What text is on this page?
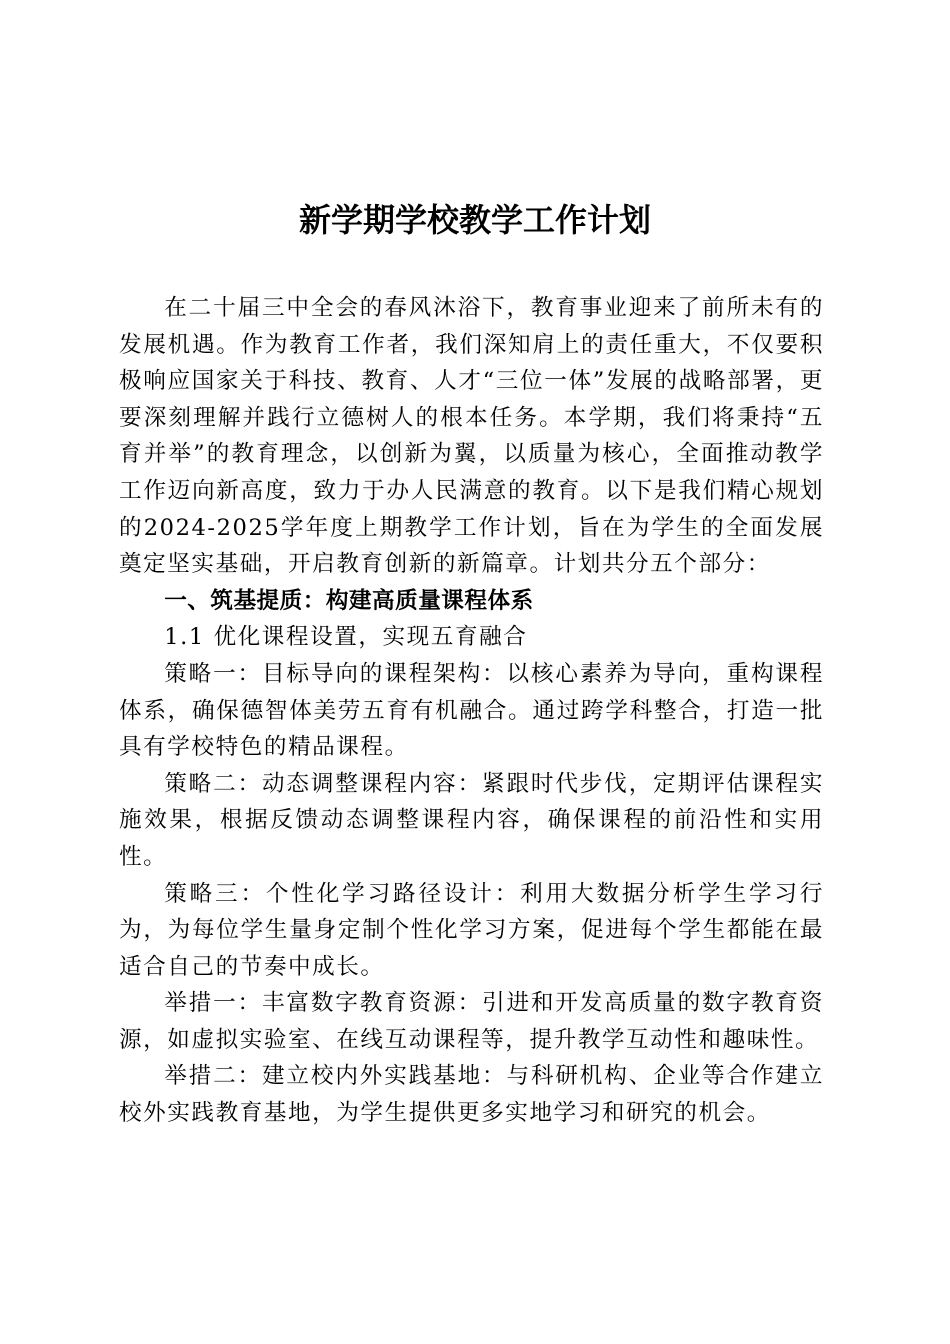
新学期学校教学工作计划

在二十届三中全会的春风沐浴下，教育事业迎来了前所未有的发展机遇。作为教育工作者，我们深知肩上的责任重大，不仅要积极响应国家关于科技、教育、人才“三位一体”发展的战略部署，更要深刻理解并践行立德树人的根本任务。本学期，我们将秉持“五育并举”的教育理念，以创新为翼，以质量为核心，全面推动教学工作迈向新高度，致力于办人民满意的教育。以下是我们精心规划的2024-2025学年度上期教学工作计划，旨在为学生的全面发展奠定坚实基础，开启教育创新的新篇章。计划共分五个部分：

一、筑基提质：构建高质量课程体系

1.1 优化课程设置，实现五育融合

策略一：目标导向的课程架构：以核心素养为导向，重构课程体系，确保德智体美劳五育有机融合。通过跨学科整合，打造一批具有学校特色的精品课程。

策略二：动态调整课程内容：紧跟时代步伐，定期评估课程实施效果，根据反馈动态调整课程内容，确保课程的前沿性和实用性。

策略三：个性化学习路径设计：利用大数据分析学生学习行为，为每位学生量身定制个性化学习方案，促进每个学生都能在最适合自己的节奏中成长。

举措一：丰富数字教育资源：引进和开发高质量的数字教育资源，如虚拟实验室、在线互动课程等，提升教学互动性和趣味性。

举措二：建立校内外实践基地：与科研机构、企业等合作建立校外实践教育基地，为学生提供更多实地学习和研究的机会。
